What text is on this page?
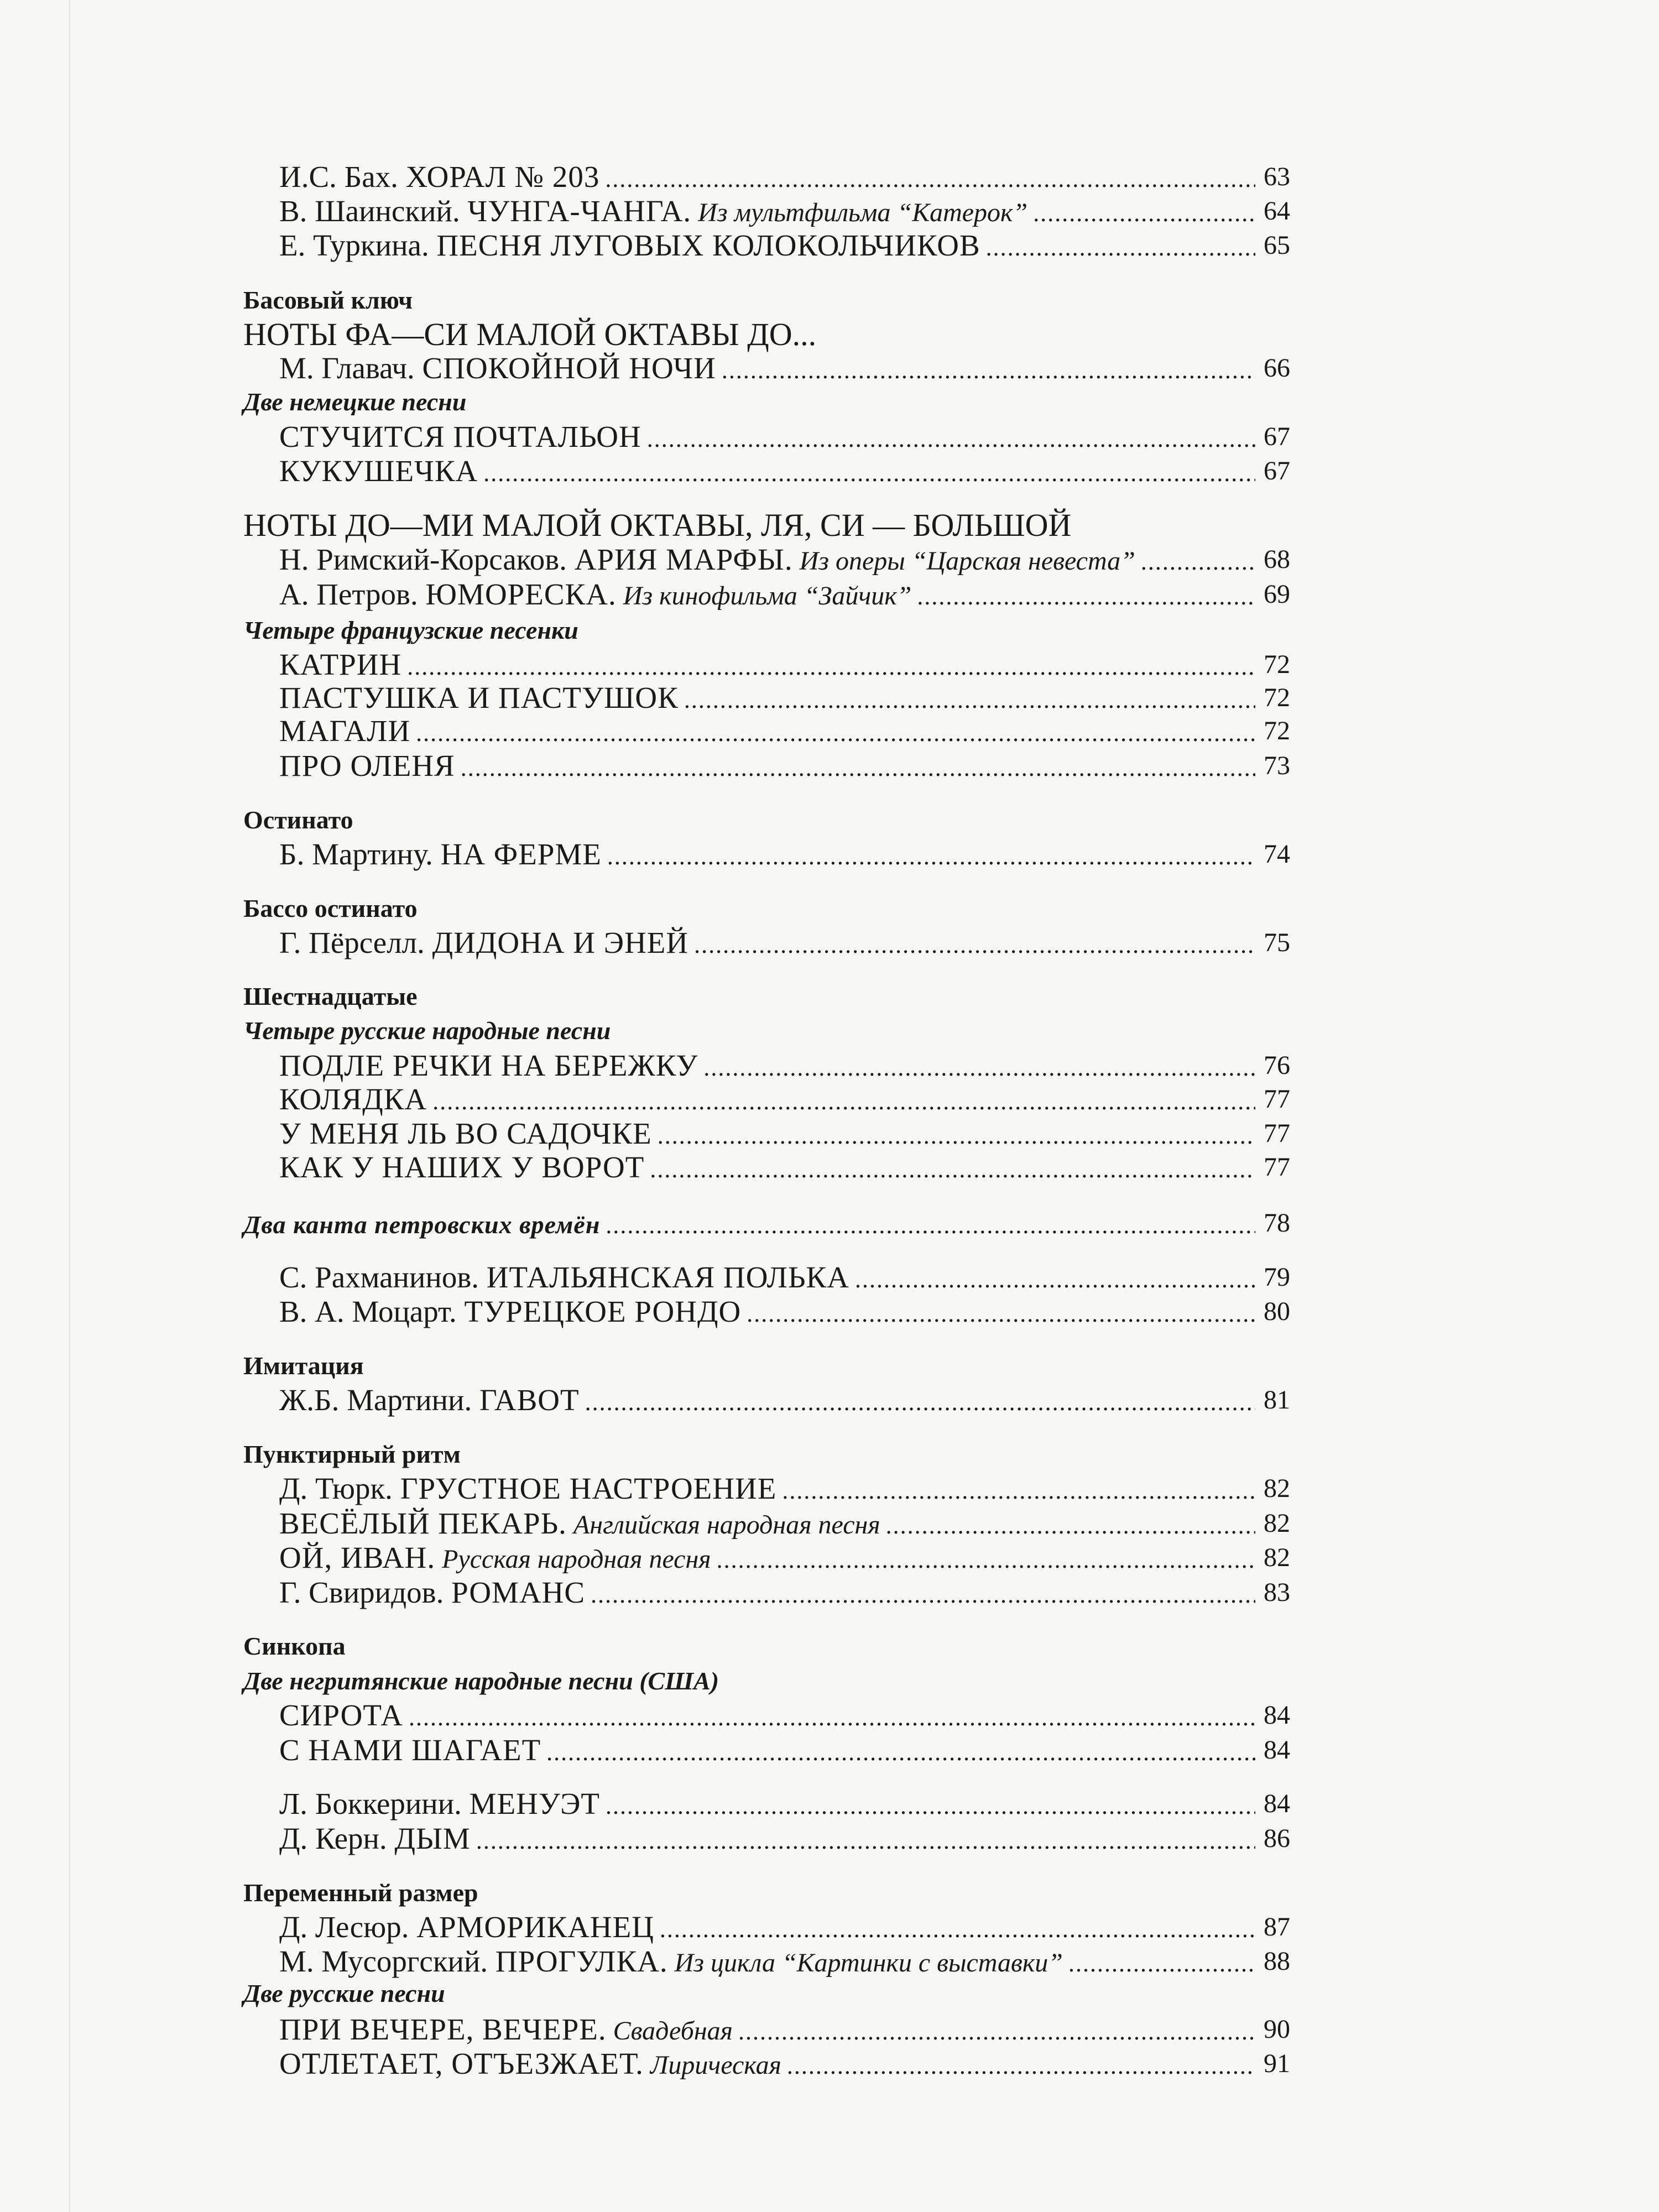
И.С. Бах. ХОРАЛ № 203 .....	63
В. Шаинский. ЧУНГА-ЧАНГА. Из мультфильма “Катерок” .....	64
Е. Туркина. ПЕСНЯ ЛУГОВЫХ КОЛОКОЛЬЧИКОВ .....	65
Басовый ключ
НОТЫ ФА—СИ МАЛОЙ ОКТАВЫ ДО...
М. Главач. СПОКОЙНОЙ НОЧИ .....	66
Две немецкие песни
СТУЧИТСЯ ПОЧТАЛЬОН .....	67
КУКУШЕЧКА .....	67
НОТЫ ДО—МИ МАЛОЙ ОКТАВЫ, ЛЯ, СИ — БОЛЬШОЙ
Н. Римский-Корсаков. АРИЯ МАРФЫ. Из оперы “Царская невеста” .....	68
А. Петров. ЮМОРЕСКА. Из кинофильма “Зайчик” .....	69
Четыре французские песенки
КАТРИН .....	72
ПАСТУШКА И ПАСТУШОК .....	72
МАГАЛИ .....	72
ПРО ОЛЕНЯ .....	73
Остинато
Б. Мартину. НА ФЕРМЕ .....	74
Бассо остинато
Г. Пёрселл. ДИДОНА И ЭНЕЙ .....	75
Шестнадцатые
Четыре русские народные песни
ПОДЛЕ РЕЧКИ НА БЕРЕЖКУ .....	76
КОЛЯДКА .....	77
У МЕНЯ ЛЬ ВО САДОЧКЕ .....	77
КАК У НАШИХ У ВОРОТ .....	77
Два канта петровских времён .....	78
С. Рахманинов. ИТАЛЬЯНСКАЯ ПОЛЬКА .....	79
В. А. Моцарт. ТУРЕЦКОЕ РОНДО .....	80
Имитация
Ж.Б. Мартини. ГАВОТ .....	81
Пунктирный ритм
Д. Тюрк. ГРУСТНОЕ НАСТРОЕНИЕ .....	82
ВЕСЁЛЫЙ ПЕКАРЬ. Английская народная песня .....	82
ОЙ, ИВАН. Русская народная песня .....	82
Г. Свиридов. РОМАНС .....	83
Синкопа
Две негритянские народные песни (США)
СИРОТА .....	84
С НАМИ ШАГАЕТ .....	84
Л. Боккерини. МЕНУЭТ .....	84
Д. Керн. ДЫМ .....	86
Переменный размер
Д. Лесюр. АРМОРИКАНЕЦ .....	87
М. Мусоргский. ПРОГУЛКА. Из цикла “Картинки с выставки” .....	88
Две русские песни
ПРИ ВЕЧЕРЕ, ВЕЧЕРЕ. Свадебная .....	90
ОТЛЕТАЕТ, ОТЪЕЗЖАЕТ. Лирическая .....	91
